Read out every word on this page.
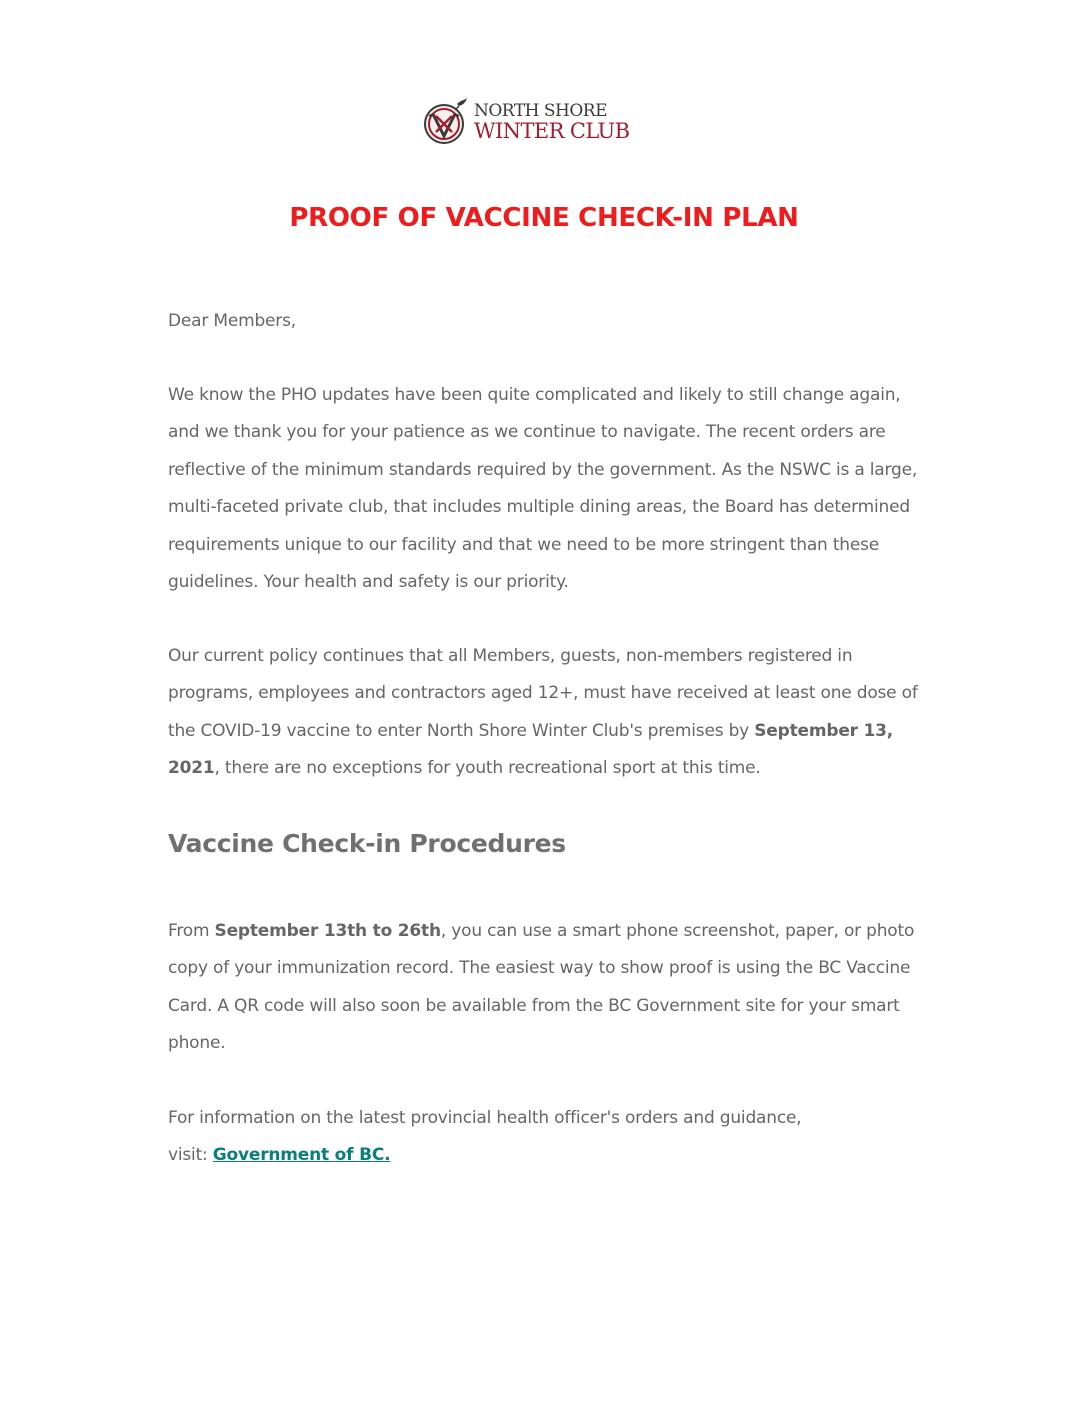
NORTH SHORE
WINTER CLUB
PROOF OF VACCINE CHECK-IN PLAN
Dear Members,
We know the PHO updates have been quite complicated and likely to still change again,
and we thank you for your patience as we continue to navigate. The recent orders are
reflective of the minimum standards required by the government. As the NSWC is a large,
multi-faceted private club, that includes multiple dining areas, the Board has determined
requirements unique to our facility and that we need to be more stringent than these
guidelines. Your health and safety is our priority.
Our current policy continues that all Members, guests, non-members registered in
programs, employees and contractors aged 12+, must have received at least one dose of
the COVID-19 vaccine to enter North Shore Winter Club's premises by September 13,
2021, there are no exceptions for youth recreational sport at this time.
Vaccine Check-in Procedures
From September 13th to 26th, you can use a smart phone screenshot, paper, or photo
copy of your immunization record. The easiest way to show proof is using the BC Vaccine
Card. A QR code will also soon be available from the BC Government site for your smart
phone.
For information on the latest provincial health officer's orders and guidance,
visit: Government of BC.
